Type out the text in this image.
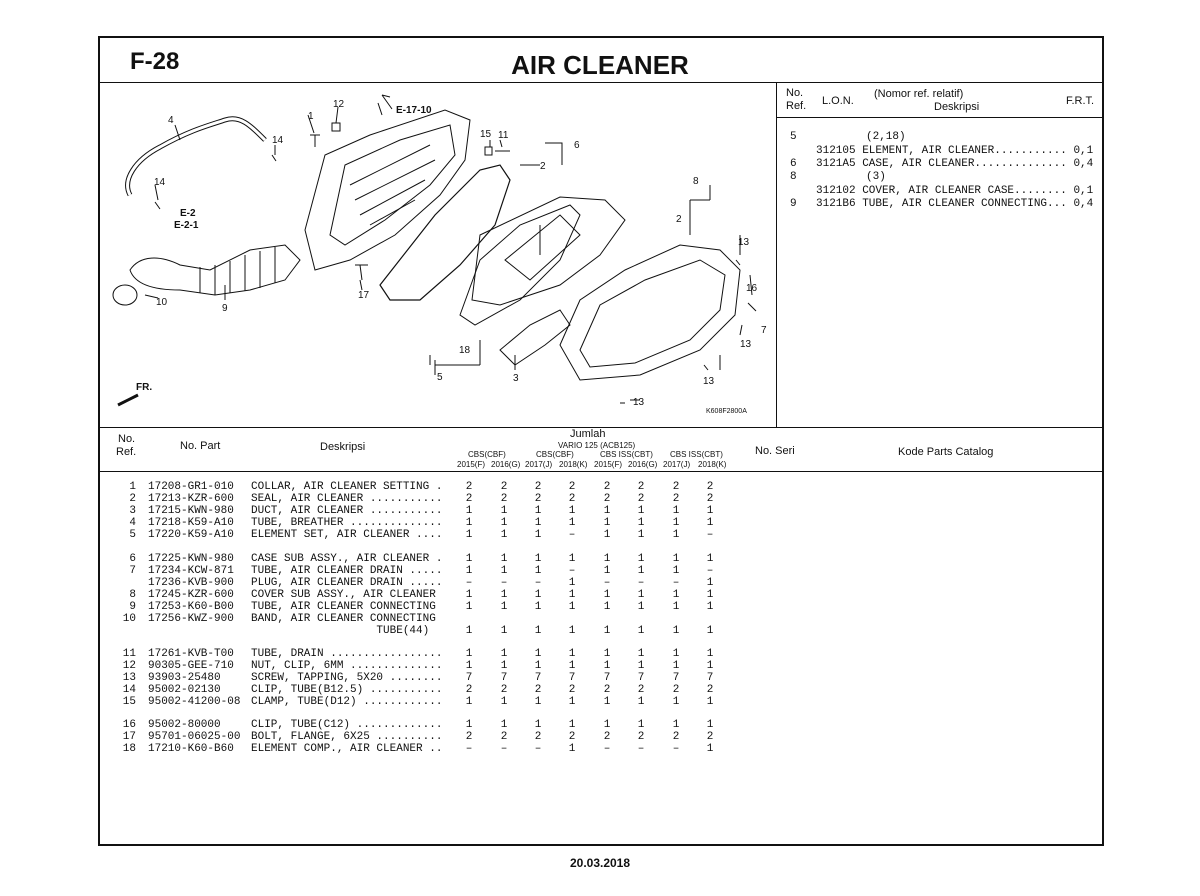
F-28	AIR CLEANER
No.
Ref. L.O.N.
(Nomor ref. relatif)
Deskripsi	F.R.T.
5	(2,18)
312105 ELEMENT, AIR CLEANER........... 0,1
6 3121A5 CASE, AIR CLEANER.............. 0,4
8	(3)
312102 COVER, AIR CLEANER CASE........ 0,1
9 3121B6 TUBE, AIR CLEANER CONNECTING... 0,4
1
2
2
3
4
5
6
7
8
9
10
11
12
13
13
13
13
14
14
15
16
17
18
E-17-10
E-2
E-2-1
FR.
K608F2800A
No.
Ref.	No. Part	Deskripsi
Jumlah
VARIO 125 (ACB125)
CBS(CBF)	CBS(CBF)	CBS ISS(CBT) CBS ISS(CBT)
2015(F) 2016(G) 2017(J) 2018(K) 2015(F) 2016(G) 2017(J) 2018(K)
No. Seri	Kode Parts Catalog
1 17208-GR1-010 COLLAR, AIR CLEANER SETTING .	2	2	2	2	2	2	2	2
2 17213-KZR-600 SEAL, AIR CLEANER ...........	2	2	2	2	2	2	2	2
3 17215-KWN-980 DUCT, AIR CLEANER ...........	1	1	1	1	1	1	1	1
4 17218-K59-A10 TUBE, BREATHER ..............	1	1	1	1	1	1	1	1
5 17220-K59-A10 ELEMENT SET, AIR CLEANER ....	1	1	1	–	1	1	1	–
6 17225-KWN-980 CASE SUB ASSY., AIR CLEANER .	1	1	1	1	1	1	1	1
7 17234-KCW-871 TUBE, AIR CLEANER DRAIN .....	1	1	1	–	1	1	1	–
17236-KVB-900 PLUG, AIR CLEANER DRAIN .....	–	–	–	1	–	–	–	1
8 17245-KZR-600 COVER SUB ASSY., AIR CLEANER	1	1	1	1	1	1	1	1
9 17253-K60-B00 TUBE, AIR CLEANER CONNECTING	1	1	1	1	1	1	1	1
10 17256-KWZ-900 BAND, AIR CLEANER CONNECTING
TUBE(44)	1	1	1	1	1	1	1	1
11 17261-KVB-T00 TUBE, DRAIN .................	1	1	1	1	1	1	1	1
12 90305-GEE-710 NUT, CLIP, 6MM ..............	1	1	1	1	1	1	1	1
13 93903-25480	SCREW, TAPPING, 5X20 ........	7	7	7	7	7	7	7	7
14 95002-02130	CLIP, TUBE(B12.5) ...........	2	2	2	2	2	2	2	2
15 95002-41200-08 CLAMP, TUBE(D12) ............	1	1	1	1	1	1	1	1
16 95002-80000	CLIP, TUBE(C12) .............	1	1	1	1	1	1	1	1
17 95701-06025-00 BOLT, FLANGE, 6X25 ..........	2	2	2	2	2	2	2	2
18 17210-K60-B60 ELEMENT COMP., AIR CLEANER ..	–	–	–	1	–	–	–	1
20.03.2018
